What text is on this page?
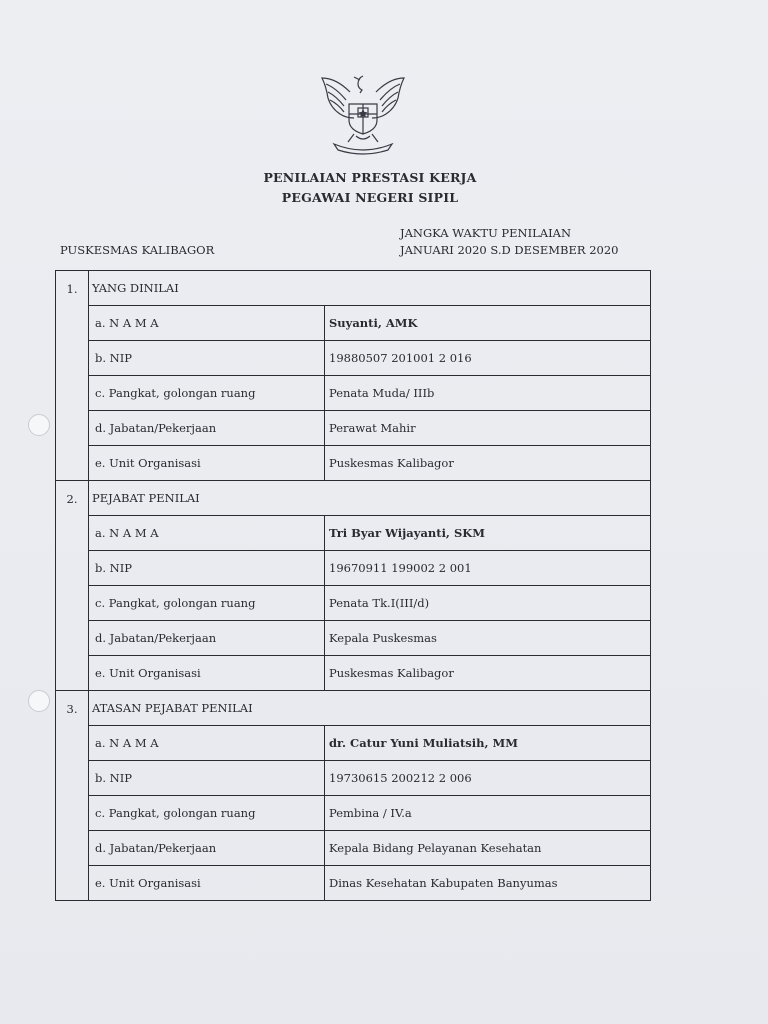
PENILAIAN PRESTASI KERJA
PEGAWAI NEGERI SIPIL
JANGKA WAKTU PENILAIAN
PUSKESMAS KALIBAGOR	JANUARI 2020 S.D DESEMBER 2020
1.	YANG DINILAI	
	a. N A M A	Suyanti, AMK
	b. NIP	19880507 201001 2 016
	c. Pangkat, golongan ruang	Penata Muda/ IIIb
	d. Jabatan/Pekerjaan	Perawat Mahir
	e. Unit Organisasi	Puskesmas Kalibagor
2.	PEJABAT PENILAI	
	a. N A M A	Tri Byar Wijayanti, SKM
	b. NIP	19670911 199002 2 001
	c. Pangkat, golongan ruang	Penata Tk.I(III/d)
	d. Jabatan/Pekerjaan	Kepala Puskesmas
	e. Unit Organisasi	Puskesmas Kalibagor
3.	ATASAN PEJABAT PENILAI	
	a. N A M A	dr. Catur Yuni Muliatsih, MM
	b. NIP	19730615 200212 2 006
	c. Pangkat, golongan ruang	Pembina / IV.a
	d. Jabatan/Pekerjaan	Kepala Bidang Pelayanan Kesehatan
	e. Unit Organisasi	Dinas Kesehatan Kabupaten Banyumas
